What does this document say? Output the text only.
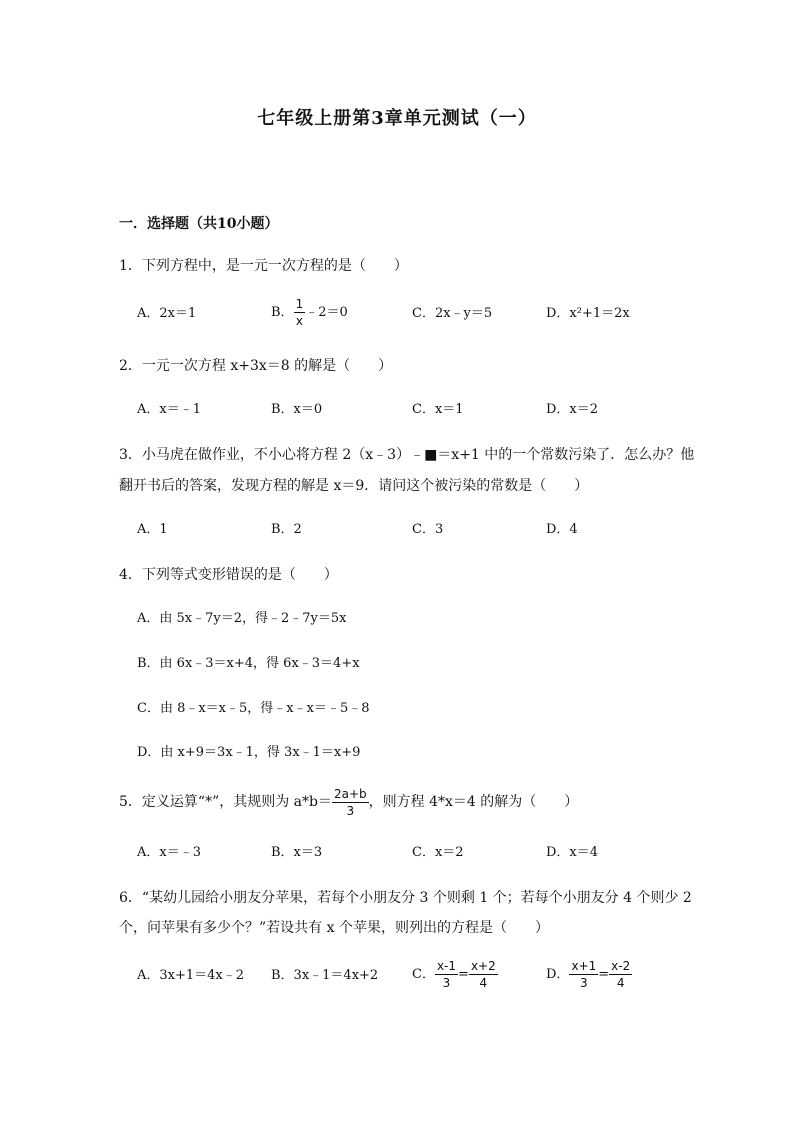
七年级上册第3章单元测试（一）
一．选择题（共10小题）
1．下列方程中，是一元一次方程的是（　　）
A．2x＝1	B． $\frac{1}{x}$ ﹣2＝0	C．2x﹣y＝5	D．x²+1＝2x
2．一元一次方程 x+3x＝8 的解是（　　）
A．x＝﹣1	B．x＝0	C．x＝1	D．x＝2
3．小马虎在做作业，不小心将方程 2（x﹣3）﹣■＝x+1 中的一个常数污染了．怎么办？他
翻开书后的答案，发现方程的解是 x＝9．请问这个被污染的常数是（　　）
A．1	B．2	C．3	D．4
4．下列等式变形错误的是（　　）
A．由 5x﹣7y＝2，得﹣2﹣7y＝5x
B．由 6x﹣3＝x+4，得 6x﹣3＝4+x
C．由 8﹣x＝x﹣5，得﹣x﹣x＝﹣5﹣8
D．由 x+9＝3x﹣1，得 3x﹣1＝x+9
5．定义运算“*”，其规则为 $a*b= \frac{2a+b}{3}$ ，则方程 4*x＝4 的解为（　　）
A．x＝﹣3	B．x＝3	C．x＝2	D．x＝4
6．“某幼儿园给小朋友分苹果，若每个小朋友分 3 个则剩 1 个；若每个小朋友分 4 个则少 2
个，问苹果有多少个？”若设共有 x 个苹果，则列出的方程是（　　）
A．3x+1＝4x﹣2 B．3x﹣1＝4x+2	C． $\frac{x-1}{3} = \frac{x+2}{4}$	D． $\frac{x+1}{3} = \frac{x-2}{4}$
